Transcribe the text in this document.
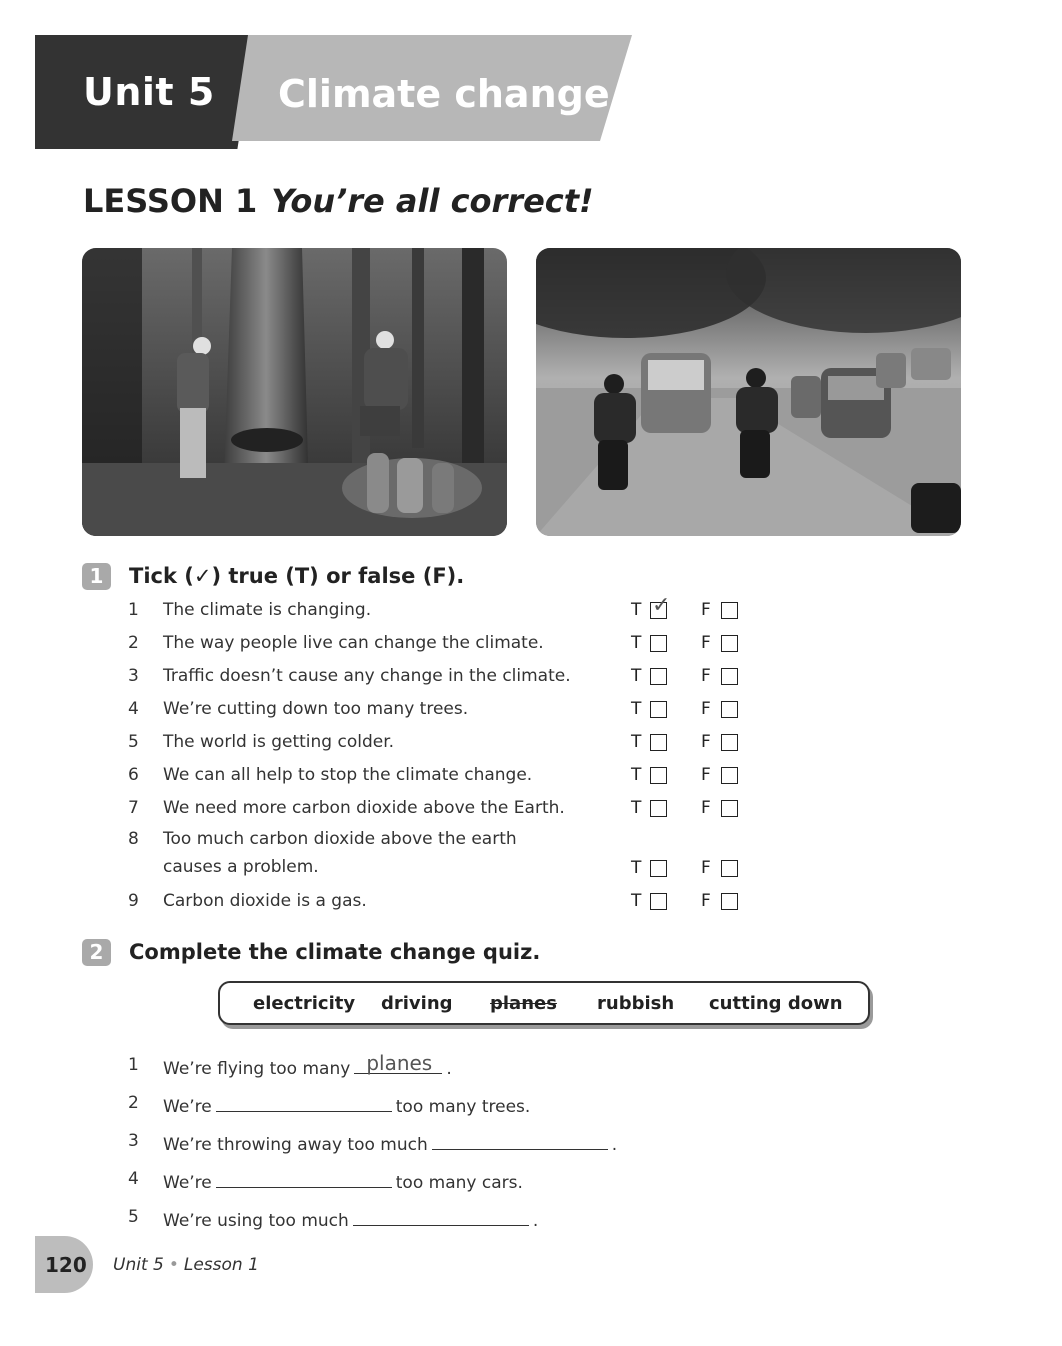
Unit 5 Climate change
LESSON 1 You’re all correct!
1	Tick (✓) true (T) or false (F).
1 The climate is changing.	T ✓ F
2 The way people live can change the climate.	T	F
3 Traffic doesn’t cause any change in the climate.	T	F
4 We’re cutting down too many trees.	T	F
5 The world is getting colder.	T	F
6 We can all help to stop the climate change.	T	F
7 We need more carbon dioxide above the Earth.	T	F
8 Too much carbon dioxide above the earth
causes a problem.	T	F
9 Carbon dioxide is a gas.	T	F
2	Complete the climate change quiz.
electricity driving planes rubbish cutting down
1 We’re flying too many planes .
2 We’re	too many trees.
3 We’re throwing away too much	.
4 We’re	too many cars.
5 We’re using too much	.
120 Unit 5 • Lesson 1
